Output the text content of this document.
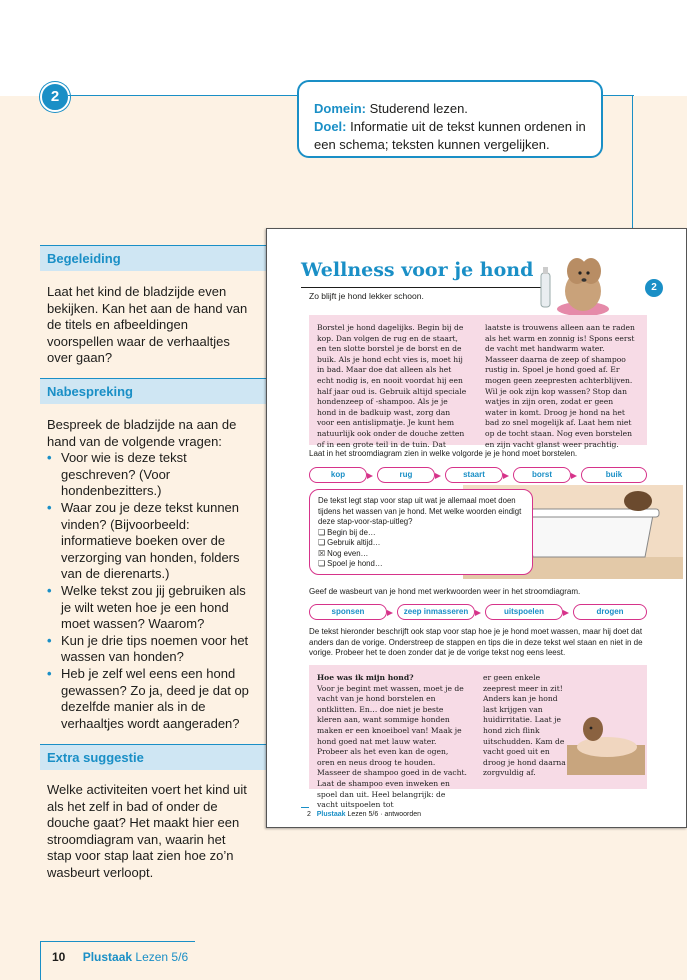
2
Domein: Studerend lezen.
Doel: Informatie uit de tekst kunnen ordenen in een schema; teksten kunnen vergelijken.
Begeleiding

Laat het kind de bladzijde even bekijken. Kan het aan de hand van de titels en afbeeldingen voorspellen waar de verhaaltjes over gaan?

Nabespreking
Bespreek de bladzijde na aan de hand van de volgende vragen:
• Voor wie is deze tekst geschreven? (Voor hondenbezitters.)
• Waar zou je deze tekst kunnen vinden? (Bijvoorbeeld: informatieve boeken over de verzorging van honden, folders van de dierenarts.)
• Welke tekst zou jij gebruiken als je wilt weten hoe je een hond moet wassen? Waarom?
• Kun je drie tips noemen voor het wassen van honden?
• Heb je zelf wel eens een hond gewassen? Zo ja, deed je dat op dezelfde manier als in de verhaaltjes wordt aangeraden?
Extra suggestie

Welke activiteiten voert het kind uit als het zelf in bad of onder de douche gaat? Het maakt hier een stroomdiagram van, waarin het stap voor stap laat zien hoe zo’n wasbeurt verloopt.

10 Plustaak Lezen 5/6
Wellness voor je hond
Zo blijft je hond lekker schoon.
2
Borstel je hond dagelijks. Begin bij de kop. Dan volgen de rug en de staart, en ten slotte borstel je de borst en de buik. Als je hond echt vies is, moet hij in bad. Maar doe dat alleen als het echt nodig is, en nooit voordat hij een half jaar oud is. Gebruik altijd speciale hondenzeep of -shampoo. Als je je hond in de badkuip wast, zorg dan voor een antislipmatje. Je kunt hem natuurlijk ook onder de douche zetten of in een grote teil in de tuin. Dat
laatste is trouwens alleen aan te raden als het warm en zonnig is! Spons eerst de vacht met handwarm water. Masseer daarna de zeep of shampoo rustig in. Spoel je hond goed af. Er mogen geen zeepresten achterblijven. Wil je ook zijn kop wassen? Stop dan watjes in zijn oren, zodat er geen water in komt. Droog je hond na het bad zo snel mogelijk af. Laat hem niet op de tocht staan. Nog even borstelen en zijn vacht glanst weer prachtig.
Laat in het stroomdiagram zien in welke volgorde je je hond moet borstelen.
kop	rug	staart	borst	buik
De tekst legt stap voor stap uit wat je allemaal moet doen tijdens het wassen van je hond. Met welke woorden eindigt deze stap-voor-stap-uitleg?
❏ Begin bij de…
❏ Gebruik altijd…
☒ Nog even…
❏ Spoel je hond…
Geef de wasbeurt van je hond met werkwoorden weer in het stroomdiagram.
sponsen	zeep inmasseren	uitspoelen	drogen
De tekst hieronder beschrijft ook stap voor stap hoe je je hond moet wassen, maar hij doet dat anders dan de vorige. Onderstreep de stappen en tips die in deze tekst wel staan en niet in de vorige. Probeer het te doen zonder dat je de vorige tekst nog eens leest.
Hoe was ik mijn hond?
Voor je begint met wassen, moet je de vacht van je hond borstelen en ontklitten. En… doe niet je beste kleren aan, want sommige honden maken er een knoeiboel van! Maak je hond goed nat met lauw water. Probeer als het even kan de ogen, oren en neus droog te houden. Masseer de shampoo goed in de vacht. Laat de shampoo even inweken en spoel dan uit. Heel belangrijk: de vacht uitspoelen tot
er geen enkele zeeprest meer in zit! Anders kan je hond last krijgen van huidirritatie. Laat je hond zich flink uitschudden. Kam de vacht goed uit en droog je hond daarna zorgvuldig af.
2 Plustaak Lezen 5/6 · antwoorden
